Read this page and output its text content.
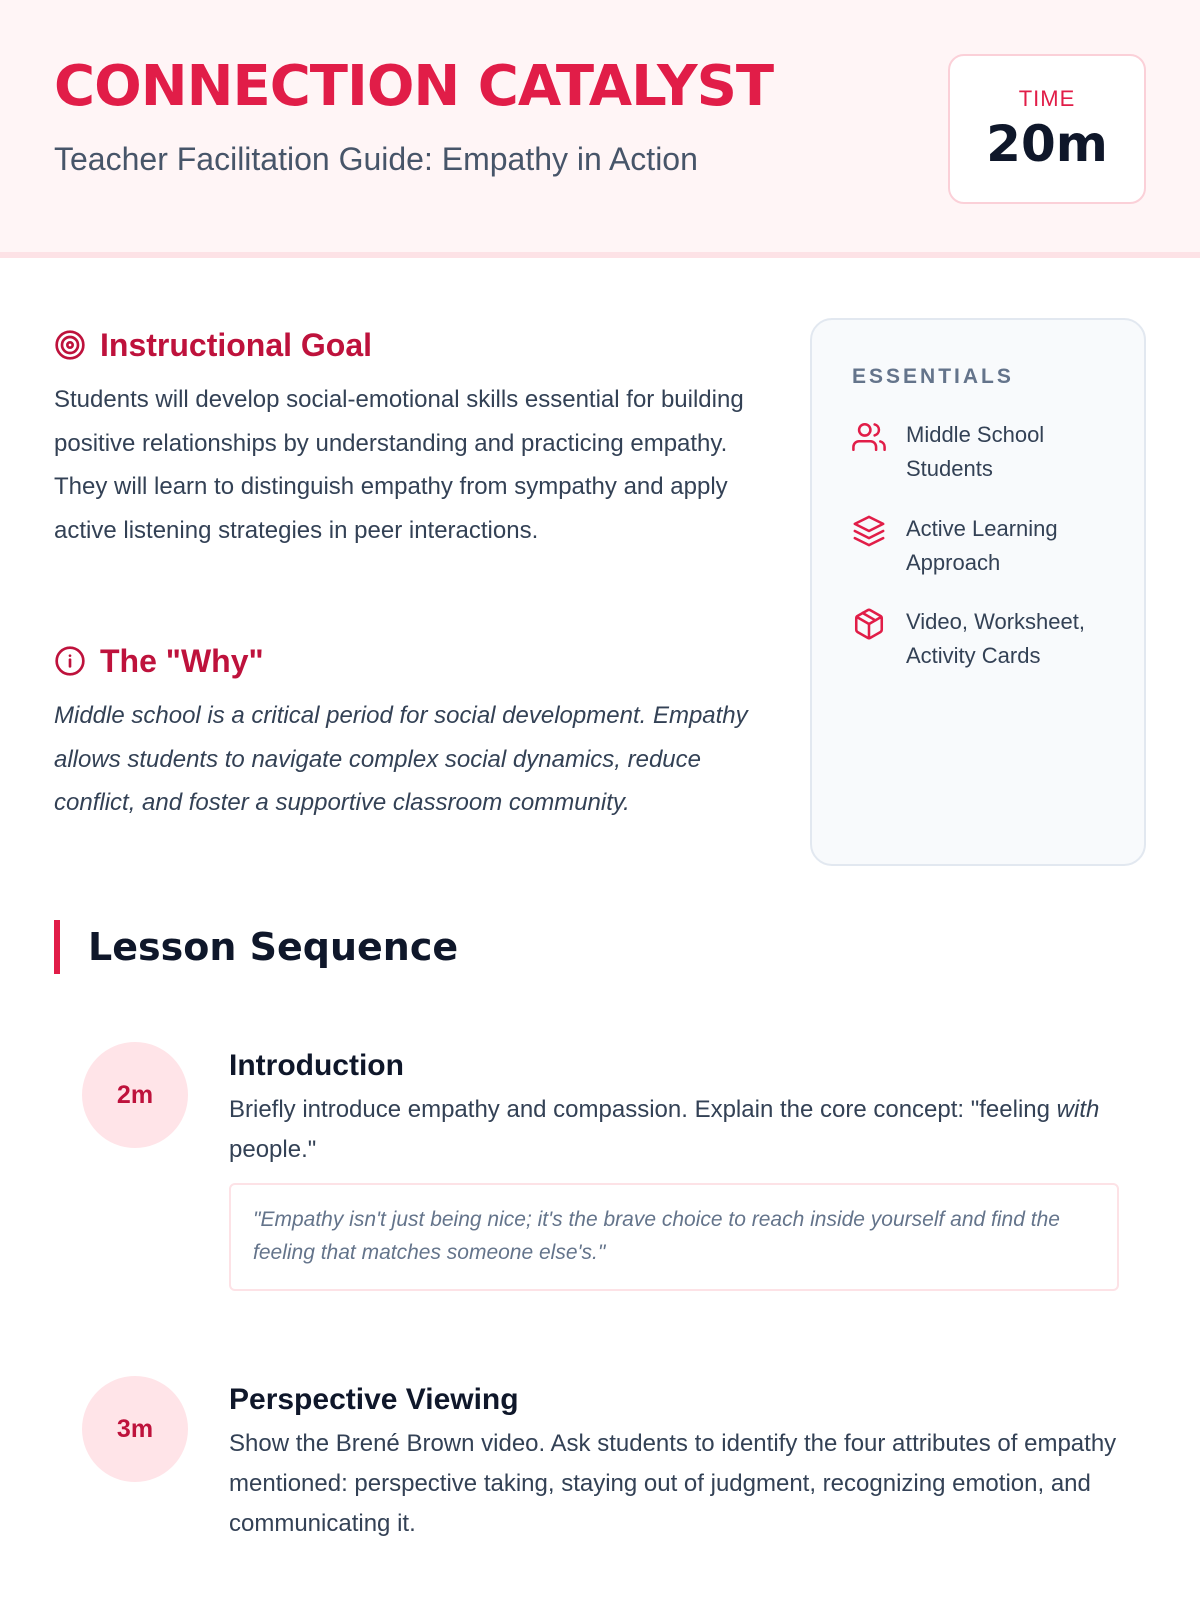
CONNECTION CATALYST
Teacher Facilitation Guide: Empathy in Action
TIME
20m
Instructional Goal
Students will develop social-emotional skills essential for building positive relationships by understanding and practicing empathy. They will learn to distinguish empathy from sympathy and apply active listening strategies in peer interactions.
The "Why"
Middle school is a critical period for social development. Empathy allows students to navigate complex social dynamics, reduce conflict, and foster a supportive classroom community.
ESSENTIALS
Middle School Students
Active Learning Approach
Video, Worksheet, Activity Cards
Lesson Sequence
2m
Introduction
Briefly introduce empathy and compassion. Explain the core concept: "feeling with people."
"Empathy isn't just being nice; it's the brave choice to reach inside yourself and find the feeling that matches someone else's."
3m
Perspective Viewing
Show the Brené Brown video. Ask students to identify the four attributes of empathy mentioned: perspective taking, staying out of judgment, recognizing emotion, and communicating it.
